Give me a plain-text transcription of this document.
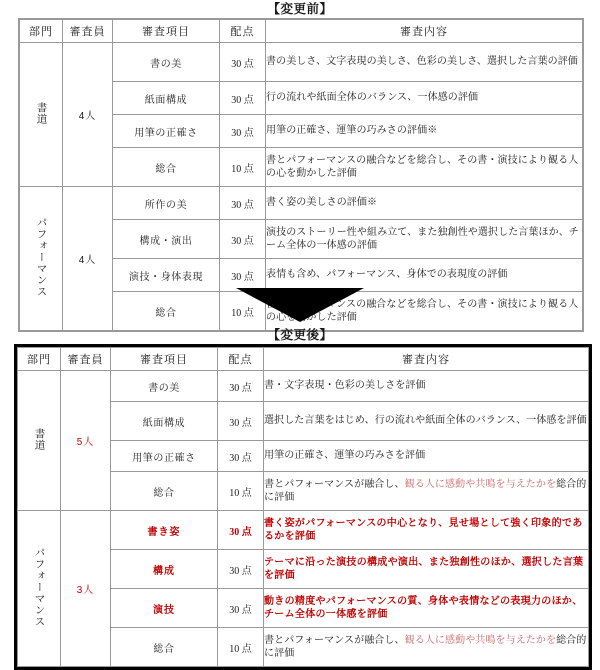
【変更前】
部門	審査員	審査項目	配点	審査内容
書道	4人	書の美	30 点	書の美しさ、文字表現の美しさ、色彩の美しさ、選択した言葉の評価
		紙面構成	30 点	行の流れや紙面全体のバランス、一体感の評価
		用筆の正確さ	30 点	用筆の正確さ、運筆の巧みさの評価※
		総合	10 点	書とパフォーマンスの融合などを総合し、その書・演技により観る人の心を動かした評価
パフォーマンス	4人	所作の美	30 点	書く姿の美しさの評価※
		構成・演出	30 点	演技のストーリー性や組み立て、また独創性や選択した言葉ほか、チーム全体の一体感の評価
		演技・身体表現	30 点	表情も含め、パフォーマンス、身体での表現度の評価
		総合	10 点	書とパフォーマンスの融合などを総合し、その書・演技により観る人の心を動かした評価
【変更後】
部門	審査員	審査項目	配点	審査内容
書道	5人	書の美	30 点	書・文字表現・色彩の美しさを評価
		紙面構成	30 点	選択した言葉をはじめ、行の流れや紙面全体のバランス、一体感を評価
		用筆の正確さ	30 点	用筆の正確さ、運筆の巧みさを評価
		総合	10 点	書とパフォーマンスが融合し、観る人に感動や共鳴を与えたかを総合的に評価
パフォーマンス	3人	書き姿	30 点	書く姿がパフォーマンスの中心となり、見せ場として強く印象的であるかを評価
		構成	30 点	テーマに沿った演技の構成や演出、また独創性のほか、選択した言葉を評価
		演技	30 点	動きの精度やパフォーマンスの質、身体や表情などの表現力のほか、チーム全体の一体感を評価
		総合	10 点	書とパフォーマンスが融合し、観る人に感動や共鳴を与えたかを総合的に評価
